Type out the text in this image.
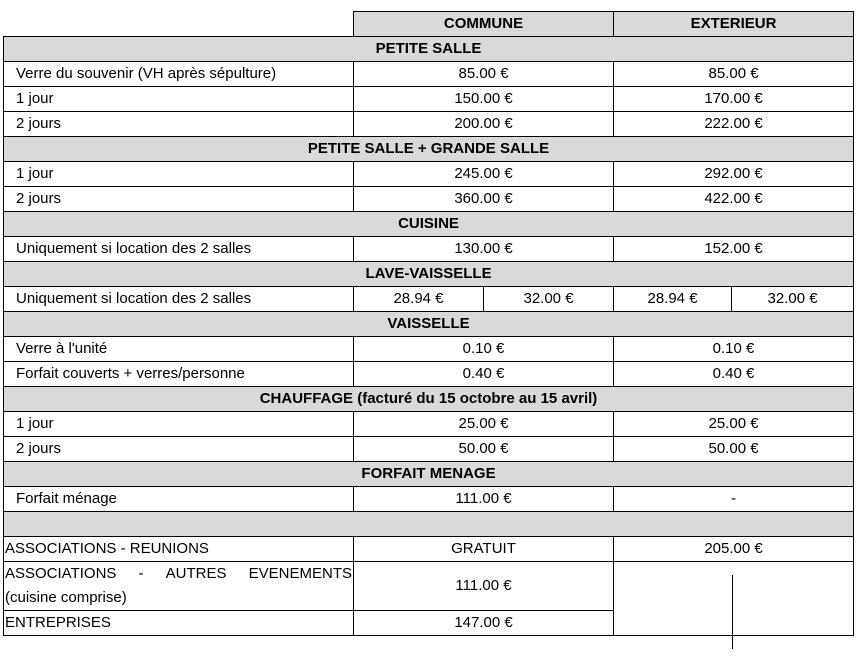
	COMMUNE		EXTERIEUR	
PETITE SALLE				
Verre du souvenir (VH après sépulture)	85.00 €		85.00 €	
1 jour	150.00 €		170.00 €	
2 jours	200.00 €		222.00 €	
PETITE SALLE + GRANDE SALLE				
1 jour	245.00 €		292.00 €	
2 jours	360.00 €		422.00 €	
CUISINE				
Uniquement si location des 2 salles	130.00 €		152.00 €	
LAVE-VAISSELLE				
Uniquement si location des 2 salles	28.94 €	32.00 €	28.94 €	32.00 €
VAISSELLE				
Verre à l'unité	0.10 €		0.10 €	
Forfait couverts + verres/personne	0.40 €		0.40 €	
CHAUFFAGE (facturé du 15 octobre au 15 avril)				
1 jour	25.00 €		25.00 €	
2 jours	50.00 €		50.00 €	
FORFAIT MENAGE				
Forfait ménage	111.00 €		-	

ASSOCIATIONS - REUNIONS	GRATUIT		205.00 €	

ASSOCIATIONS - AUTRES EVENEMENTS
(cuisine comprise)	111.00 €			
ENTREPRISES	147.00 €			
